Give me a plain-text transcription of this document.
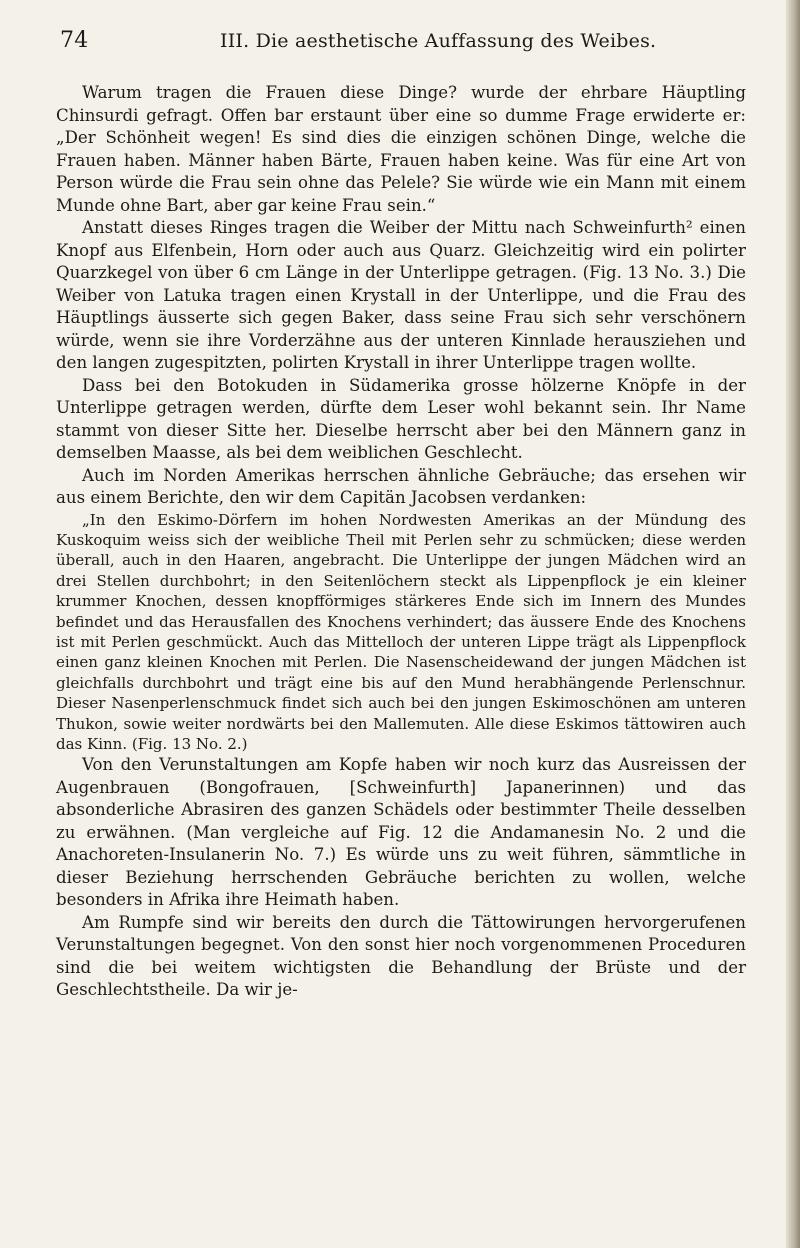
74	III. Die aesthetische Auffassung des Weibes.

Warum tragen die Frauen diese Dinge? wurde der ehrbare Häuptling Chinsurdi gefragt. Offen bar erstaunt über eine so dumme Frage erwiderte er: „Der Schönheit wegen! Es sind dies die einzigen schönen Dinge, welche die Frauen haben. Männer haben Bärte, Frauen haben keine. Was für eine Art von Person würde die Frau sein ohne das Pelele? Sie würde wie ein Mann mit einem Munde ohne Bart, aber gar keine Frau sein.“

Anstatt dieses Ringes tragen die Weiber der Mittu nach Schweinfurth² einen Knopf aus Elfenbein, Horn oder auch aus Quarz. Gleichzeitig wird ein polirter Quarzkegel von über 6 cm Länge in der Unterlippe getragen. (Fig. 13 No. 3.) Die Weiber von Latuka tragen einen Krystall in der Unterlippe, und die Frau des Häuptlings äusserte sich gegen Baker, dass seine Frau sich sehr verschönern würde, wenn sie ihre Vorderzähne aus der unteren Kinnlade herausziehen und den langen zugespitzten, polirten Krystall in ihrer Unterlippe tragen wollte.

Dass bei den Botokuden in Südamerika grosse hölzerne Knöpfe in der Unterlippe getragen werden, dürfte dem Leser wohl bekannt sein. Ihr Name stammt von dieser Sitte her. Dieselbe herrscht aber bei den Männern ganz in demselben Maasse, als bei dem weiblichen Geschlecht.

Auch im Norden Amerikas herrschen ähnliche Gebräuche; das ersehen wir aus einem Berichte, den wir dem Capitän Jacobsen verdanken:

„In den Eskimo-Dörfern im hohen Nordwesten Amerikas an der Mündung des Kuskoquim weiss sich der weibliche Theil mit Perlen sehr zu schmücken; diese werden überall, auch in den Haaren, angebracht. Die Unterlippe der jungen Mädchen wird an drei Stellen durchbohrt; in den Seitenlöchern steckt als Lippenpflock je ein kleiner krummer Knochen, dessen knopfförmiges stärkeres Ende sich im Innern des Mundes befindet und das Herausfallen des Knochens verhindert; das äussere Ende des Knochens ist mit Perlen geschmückt. Auch das Mittelloch der unteren Lippe trägt als Lippenpflock einen ganz kleinen Knochen mit Perlen. Die Nasenscheidewand der jungen Mädchen ist gleichfalls durchbohrt und trägt eine bis auf den Mund herabhängende Perlenschnur. Dieser Nasenperlenschmuck findet sich auch bei den jungen Eskimoschönen am unteren Thukon, sowie weiter nordwärts bei den Mallemuten. Alle diese Eskimos tättowiren auch das Kinn. (Fig. 13 No. 2.)

Von den Verunstaltungen am Kopfe haben wir noch kurz das Ausreissen der Augenbrauen (Bongofrauen, [Schweinfurth] Japanerinnen) und das absonderliche Abrasiren des ganzen Schädels oder bestimmter Theile desselben zu erwähnen. (Man vergleiche auf Fig. 12 die Andamanesin No. 2 und die Anachoreten-Insulanerin No. 7.) Es würde uns zu weit führen, sämmtliche in dieser Beziehung herrschenden Gebräuche berichten zu wollen, welche besonders in Afrika ihre Heimath haben.

Am Rumpfe sind wir bereits den durch die Tättowirungen hervorgerufenen Verunstaltungen begegnet. Von den sonst hier noch vorgenommenen Proceduren sind die bei weitem wichtigsten die Behandlung der Brüste und der Geschlechtstheile. Da wir je-
